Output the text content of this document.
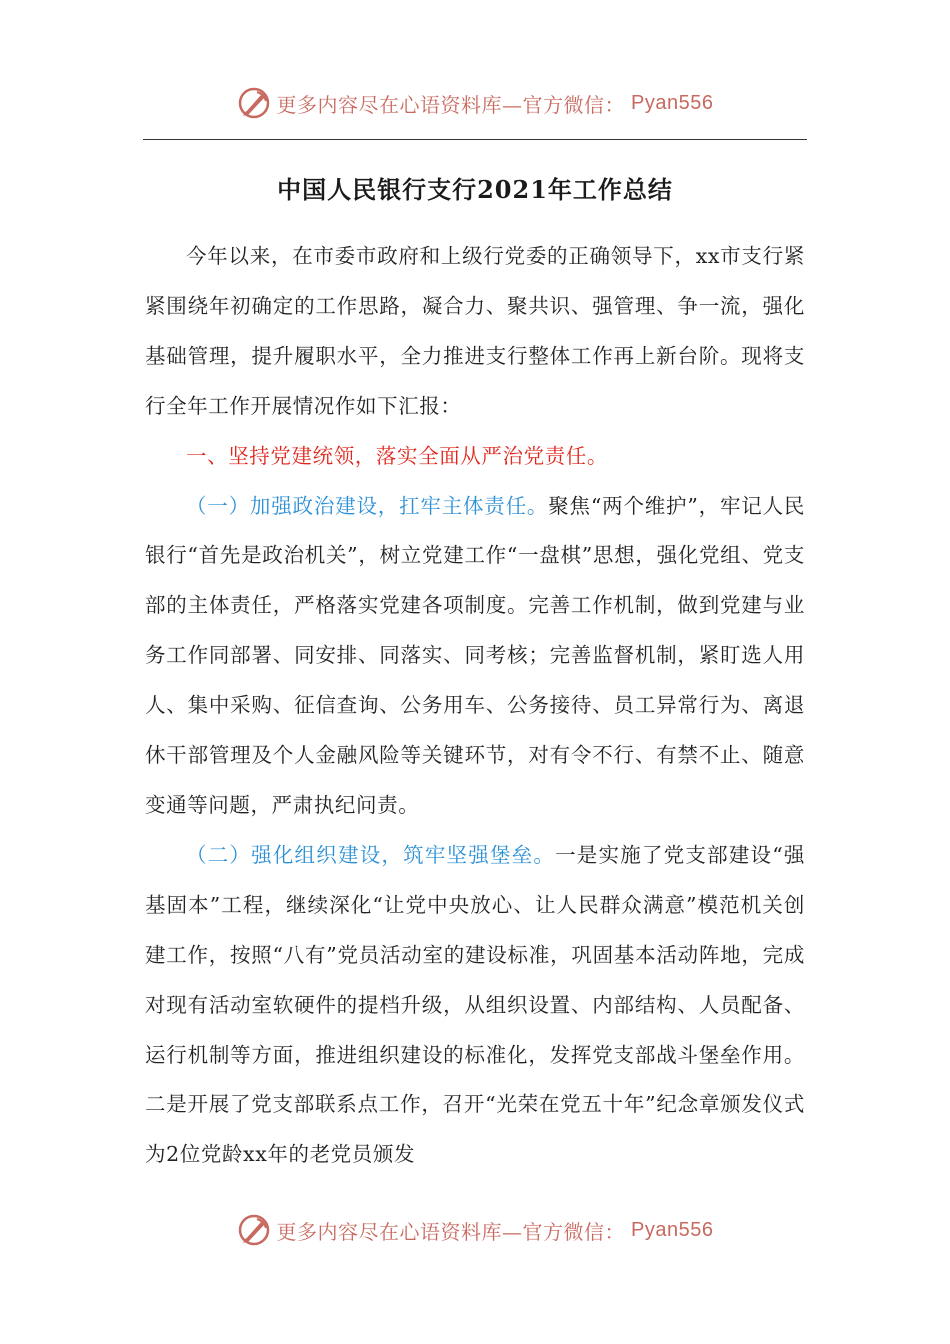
更多内容尽在心语资料库—官方微信： Pyan556
中国人民银行支行2021年工作总结

今年以来，在市委市政府和上级行党委的正确领导下，xx市支行紧紧围绕年初确定的工作思路，凝合力、聚共识、强管理、争一流，强化基础管理，提升履职水平，全力推进支行整体工作再上新台阶。现将支行全年工作开展情况作如下汇报：

一、坚持党建统领，落实全面从严治党责任。

（一）加强政治建设，扛牢主体责任。聚焦“两个维护”，牢记人民银行“首先是政治机关”，树立党建工作“一盘棋”思想，强化党组、党支部的主体责任，严格落实党建各项制度。完善工作机制，做到党建与业务工作同部署、同安排、同落实、同考核；完善监督机制，紧盯选人用人、集中采购、征信查询、公务用车、公务接待、员工异常行为、离退休干部管理及个人金融风险等关键环节，对有令不行、有禁不止、随意变通等问题，严肃执纪问责。

（二）强化组织建设，筑牢坚强堡垒。一是实施了党支部建设“强基固本”工程，继续深化“让党中央放心、让人民群众满意”模范机关创建工作，按照“八有”党员活动室的建设标准，巩固基本活动阵地，完成对现有活动室软硬件的提档升级，从组织设置、内部结构、人员配备、运行机制等方面，推进组织建设的标准化，发挥党支部战斗堡垒作用。二是开展了党支部联系点工作，召开“光荣在党五十年”纪念章颁发仪式为2位党龄xx年的老党员颁发

更多内容尽在心语资料库—官方微信： Pyan556
